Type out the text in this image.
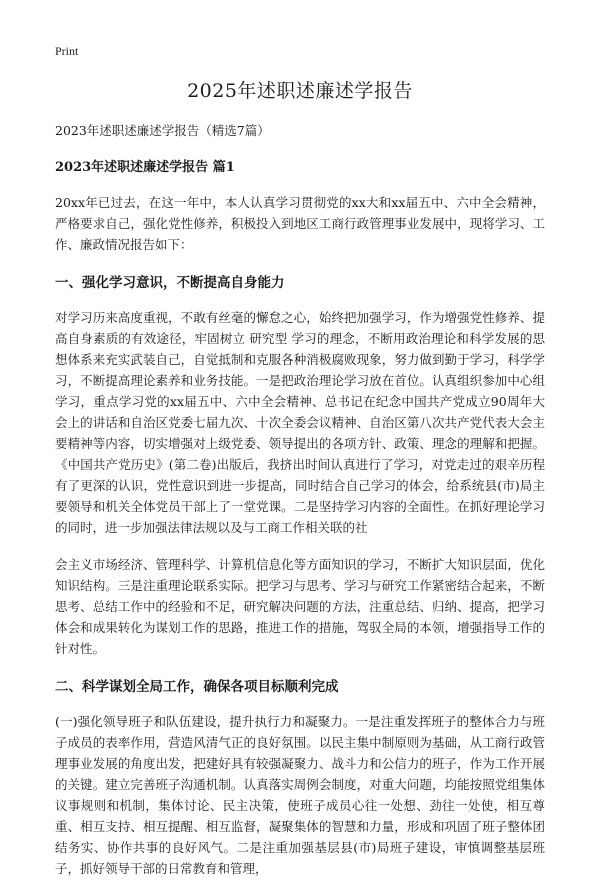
Print
2025年述职述廉述学报告
2023年述职述廉述学报告（精选7篇）
2023年述职述廉述学报告 篇1

20xx年已过去，在这一年中，本人认真学习贯彻党的xx大和xx届五中、六中全会精神，严格要求自己，强化党性修养，积极投入到地区工商行政管理事业发展中，现将学习、工作、廉政情况报告如下：

一、强化学习意识，不断提高自身能力

对学习历来高度重视，不敢有丝毫的懈怠之心，始终把加强学习，作为增强党性修养、提高自身素质的有效途径，牢固树立 研究型 学习的理念，不断用政治理论和科学发展的思想体系来充实武装自己，自觉抵制和克服各种消极腐败现象，努力做到勤于学习，科学学习，不断提高理论素养和业务技能。一是把政治理论学习放在首位。认真组织参加中心组学习，重点学习党的xx届五中、六中全会精神、总书记在纪念中国共产党成立90周年大会上的讲话和自治区党委七届九次、十次全委会议精神、自治区第八次共产党代表大会主要精神等内容，切实增强对上级党委、领导提出的各项方针、政策、理念的理解和把握。《中国共产党历史》(第二卷)出版后，我挤出时间认真进行了学习，对党走过的艰辛历程有了更深的认识，党性意识到进一步提高，同时结合自己学习的体会，给系统县(市)局主要领导和机关全体党员干部上了一堂党课。二是坚持学习内容的全面性。在抓好理论学习的同时，进一步加强法律法规以及与工商工作相关联的社

会主义市场经济、管理科学、计算机信息化等方面知识的学习，不断扩大知识层面，优化知识结构。三是注重理论联系实际。把学习与思考、学习与研究工作紧密结合起来，不断思考、总结工作中的经验和不足，研究解决问题的方法，注重总结、归纳、提高，把学习体会和成果转化为谋划工作的思路，推进工作的措施，驾驭全局的本领，增强指导工作的针对性。

二、科学谋划全局工作，确保各项目标顺利完成

(一)强化领导班子和队伍建设，提升执行力和凝聚力。一是注重发挥班子的整体合力与班子成员的表率作用，营造风清气正的良好氛围。以民主集中制原则为基础，从工商行政管理事业发展的角度出发，把建好具有较强凝聚力、战斗力和公信力的班子，作为工作开展的关键。建立完善班子沟通机制。认真落实周例会制度，对重大问题，均能按照党组集体议事规则和机制，集体讨论、民主决策，使班子成员心往一处想、劲往一处使，相互尊重、相互支持、相互提醒、相互监督，凝聚集体的智慧和力量，形成和巩固了班子整体团结务实、协作共事的良好风气。二是注重加强基层县(市)局班子建设，审慎调整基层班子，抓好领导干部的日常教育和管理，
